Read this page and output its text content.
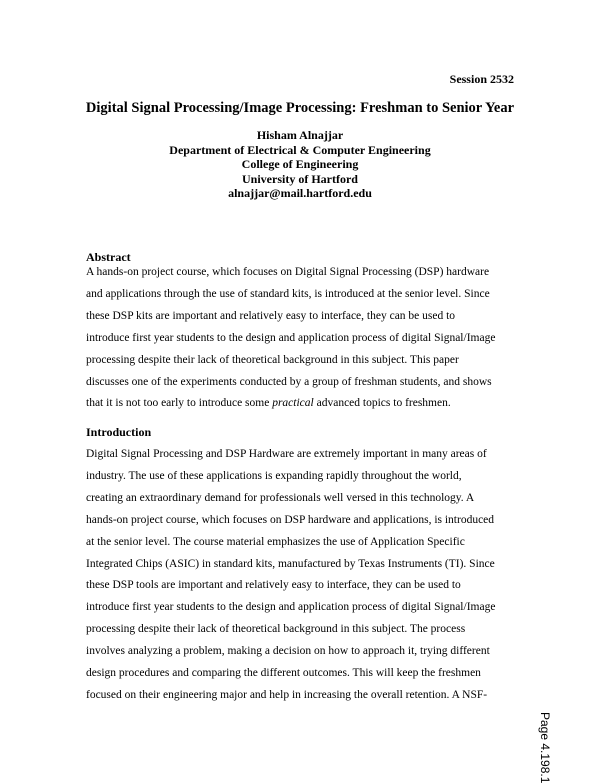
Session 2532
Digital Signal Processing/Image Processing: Freshman to Senior Year
Hisham Alnajjar
Department of Electrical & Computer Engineering
College of Engineering
University of Hartford
alnajjar@mail.hartford.edu
Abstract
A hands-on project course, which focuses on Digital Signal Processing (DSP) hardware
and applications through the use of standard kits, is introduced at the senior level. Since
these DSP kits are important and relatively easy to interface, they can be used to
introduce first year students to the design and application process of digital Signal/Image
processing despite their lack of theoretical background in this subject. This paper
discusses one of the experiments conducted by a group of freshman students, and shows
that it is not too early to introduce some practical advanced topics to freshmen.
Introduction
Digital Signal Processing and DSP Hardware are extremely important in many areas of
industry. The use of these applications is expanding rapidly throughout the world,
creating an extraordinary demand for professionals well versed in this technology. A
hands-on project course, which focuses on DSP hardware and applications, is introduced
at the senior level. The course material emphasizes the use of Application Specific
Integrated Chips (ASIC) in standard kits, manufactured by Texas Instruments (TI). Since
these DSP tools are important and relatively easy to interface, they can be used to
introduce first year students to the design and application process of digital Signal/Image
processing despite their lack of theoretical background in this subject. The process
involves analyzing a problem, making a decision on how to approach it, trying different
design procedures and comparing the different outcomes. This will keep the freshmen
focused on their engineering major and help in increasing the overall retention. A NSF-
Page 4.198.1
